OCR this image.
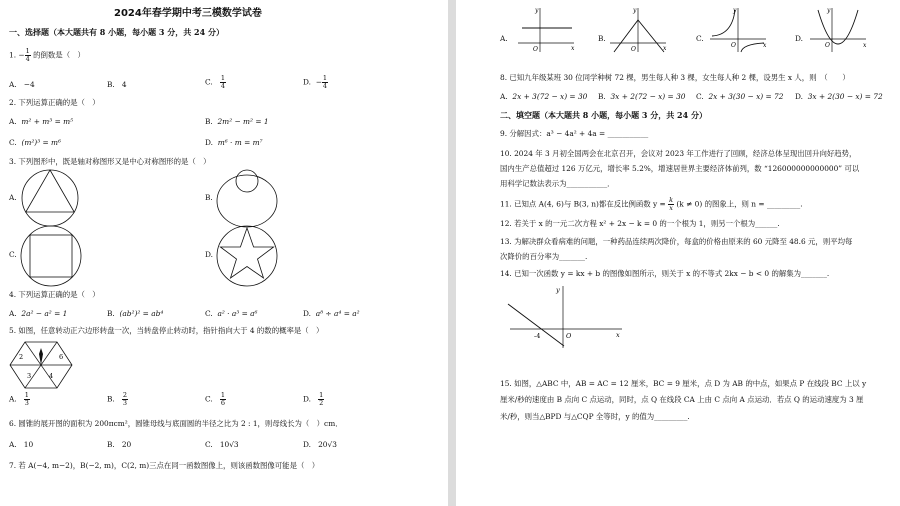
2024年春学期中考三模数学试卷
一、选择题（本大题共有 8 小题，每小题 3 分，共 24 分）
1. − $\frac{1}{4}$ 的倒数是（　）
A. −4	B. 4	C. $\frac{1}{4}$	D. − $\frac{1}{4}$
2. 下列运算正确的是（　）
A. m² + m³ = m⁵	B. 2m² − m² = 1
C. (m²)³ = m⁶	D. m⁶ · m = m⁷
3. 下列图形中，既是轴对称图形又是中心对称图形的是（　）
A.	B.
C.	D.
4. 下列运算正确的是（　）
A. 2a² − a² = 1	B. (ab²)² = ab⁴	C. a² · a³ = a⁶	D. a⁸ ÷ a⁴ = a²
5. 如图，任意转动正六边形转盘一次，当转盘停止转动时，指针指向大于 4 的数的概率是（　）
2	6
3	4
A. $\frac{1}{3}$	B. $\frac{2}{3}$	C. $\frac{1}{6}$	D. $\frac{1}{2}$
6. 圆锥的展开图的面积为 200πcm²，圆锥母线与底面圆的半径之比为 2 : 1，则母线长为（　）cm．
A. 10	B. 20	C. 10√3	D. 20√3
7. 若 A(−4, m−2)，B(−2, m)，C(2, m)三点在同一函数图像上，则该函数图像可能是（　）
A.
y
x
O
B.
y
x
O
C.
y
x
O
D.
y
x
O
8. 已知九年级某班 30 位同学种树 72 棵，男生每人种 3 棵，女生每人种 2 棵，设男生 x 人，则　（　　）
A. 2x + 3(72 − x) = 30 B. 3x + 2(72 − x) = 30 C. 2x + 3(30 − x) = 72 D. 3x + 2(30 − x) = 72
二、填空题（本大题共 8 小题，每小题 3 分，共 24 分）
9. 分解因式：a³ − 4a² + 4a = ___________
10. 2024 年 3 月初全国两会在北京召开，会议对 2023 年工作进行了回顾，经济总体呈现出回升向好趋势，
国内生产总值超过 126 万亿元，增长率 5.2%，增速居世界主要经济体前列，数 “126000000000000” 可以
用科学记数法表示为___________．
11. 已知点 A(4, 6)与 B(3, n)都在反比例函数 $y = \frac{k}{x} (k \ne 0)$ 的图象上，则 n = _________.
12. 若关于 x 的一元二次方程 x² + 2x − k = 0 的一个根为 1，则另一个根为______.
13. 为解决群众看病难的问题，一种药品连续两次降价，每盒的价格由原来的 60 元降至 48.6 元，则平均每
次降价的百分率为_______.
14. 已知一次函数 y = kx + b 的图像如图所示，则关于 x 的不等式 2kx − b < 0 的解集为_______.
y
x
O
-4
15. 如图，△ABC 中，AB = AC = 12 厘米，BC = 9 厘米，点 D 为 AB 的中点，如果点 P 在线段 BC 上以 y
厘米/秒的速度由 B 点向 C 点运动，同时，点 Q 在线段 CA 上由 C 点向 A 点运动．若点 Q 的运动速度为 3 厘
米/秒，则当△BPD 与△CQP 全等时，y 的值为_________.
